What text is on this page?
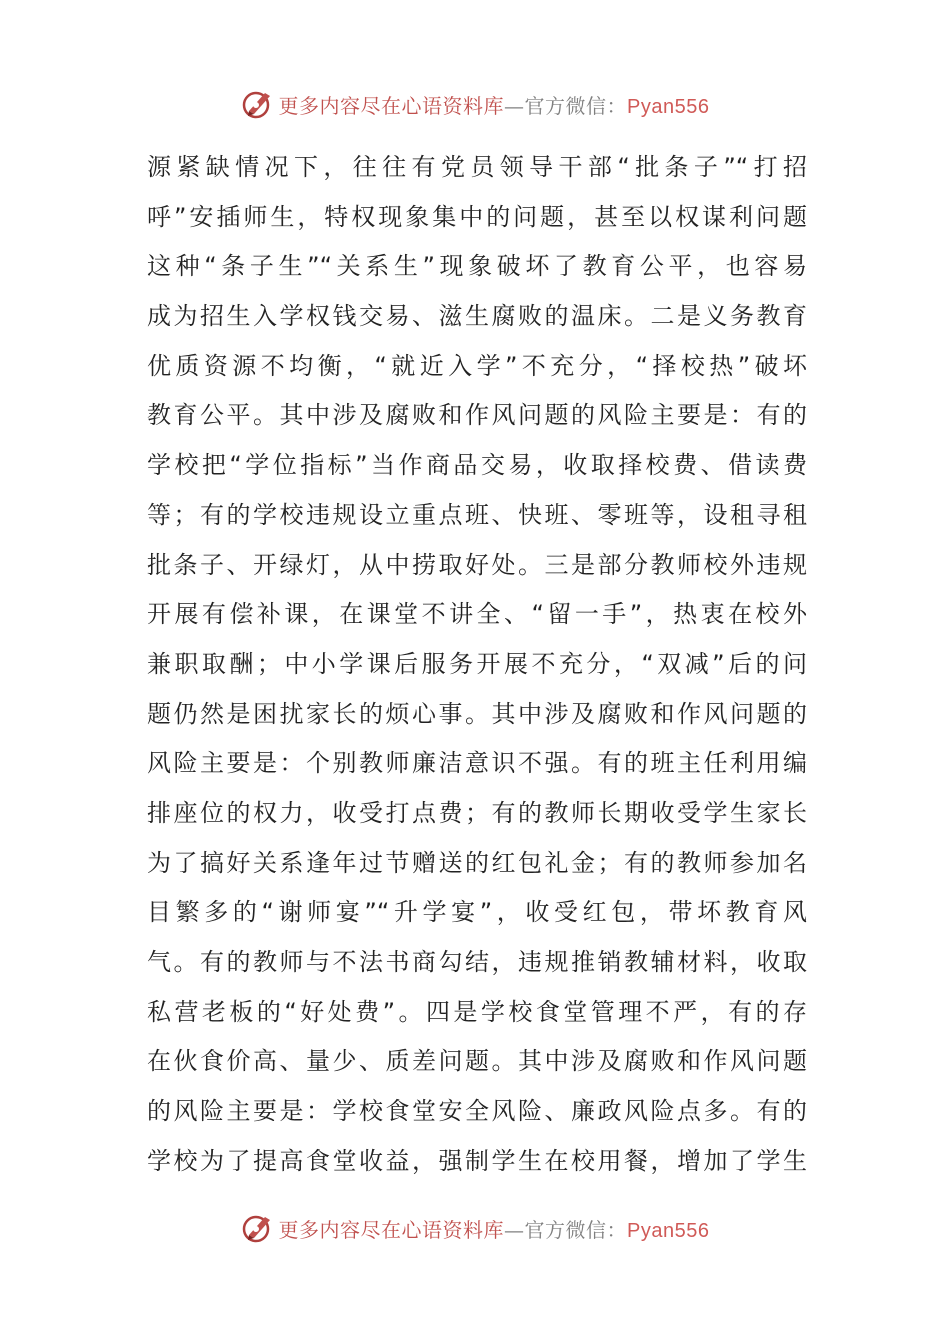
更多内容尽在心语资料库—官方微信：Pyan556
源紧缺情况下，往往有党员领导干部“批条子”“打招
呼”安插师生，特权现象集中的问题，甚至以权谋利问题
这种“条子生”“关系生”现象破坏了教育公平，也容易
成为招生入学权钱交易、滋生腐败的温床。二是义务教育
优质资源不均衡，“就近入学”不充分，“择校热”破坏
教育公平。其中涉及腐败和作风问题的风险主要是：有的
学校把“学位指标”当作商品交易，收取择校费、借读费
等；有的学校违规设立重点班、快班、零班等，设租寻租
批条子、开绿灯，从中捞取好处。三是部分教师校外违规
开展有偿补课，在课堂不讲全、“留一手”，热衷在校外
兼职取酬；中小学课后服务开展不充分，“双减”后的问
题仍然是困扰家长的烦心事。其中涉及腐败和作风问题的
风险主要是：个别教师廉洁意识不强。有的班主任利用编
排座位的权力，收受打点费；有的教师长期收受学生家长
为了搞好关系逢年过节赠送的红包礼金；有的教师参加名
目繁多的“谢师宴”“升学宴”，收受红包，带坏教育风
气。有的教师与不法书商勾结，违规推销教辅材料，收取
私营老板的“好处费”。四是学校食堂管理不严，有的存
在伙食价高、量少、质差问题。其中涉及腐败和作风问题
的风险主要是：学校食堂安全风险、廉政风险点多。有的
学校为了提高食堂收益，强制学生在校用餐，增加了学生
更多内容尽在心语资料库—官方微信：Pyan556
